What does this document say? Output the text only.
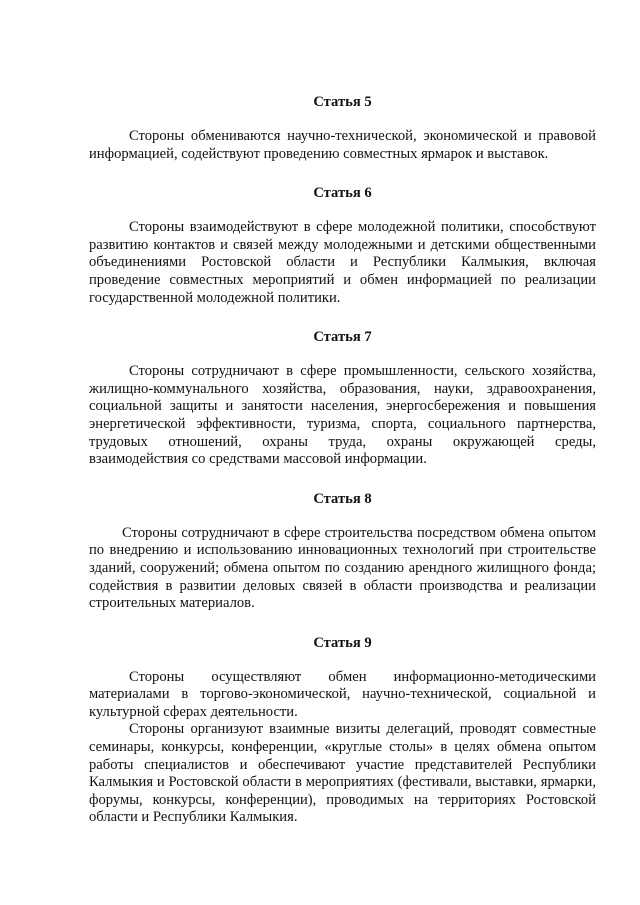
Статья 5

Стороны обмениваются научно-технической, экономической и правовой информацией, содействуют проведению совместных ярмарок и выставок.

Статья 6

Стороны взаимодействуют в сфере молодежной политики, способствуют развитию контактов и связей между молодежными и детскими общественными объединениями Ростовской области и Республики Калмыкия, включая проведение совместных мероприятий и обмен информацией по реализации государственной молодежной политики.

Статья 7

Стороны сотрудничают в сфере промышленности, сельского хозяйства, жилищно-коммунального хозяйства, образования, науки, здравоохранения, социальной защиты и занятости населения, энергосбережения и повышения энергетической эффективности, туризма, спорта, социального партнерства, трудовых отношений, охраны труда, охраны окружающей среды, взаимодействия со средствами массовой информации.

Статья 8

Стороны сотрудничают в сфере строительства посредством обмена опытом по внедрению и использованию инновационных технологий при строительстве зданий, сооружений; обмена опытом по созданию арендного жилищного фонда; содействия в развитии деловых связей в области производства и реализации строительных материалов.

Статья 9

Стороны осуществляют обмен информационно-методическими материалами в торгово-экономической, научно-технической, социальной и культурной сферах деятельности.

Стороны организуют взаимные визиты делегаций, проводят совместные семинары, конкурсы, конференции, «круглые столы» в целях обмена опытом работы специалистов и обеспечивают участие представителей Республики Калмыкия и Ростовской области в мероприятиях (фестивали, выставки, ярмарки, форумы, конкурсы, конференции), проводимых на территориях Ростовской области и Республики Калмыкия.
